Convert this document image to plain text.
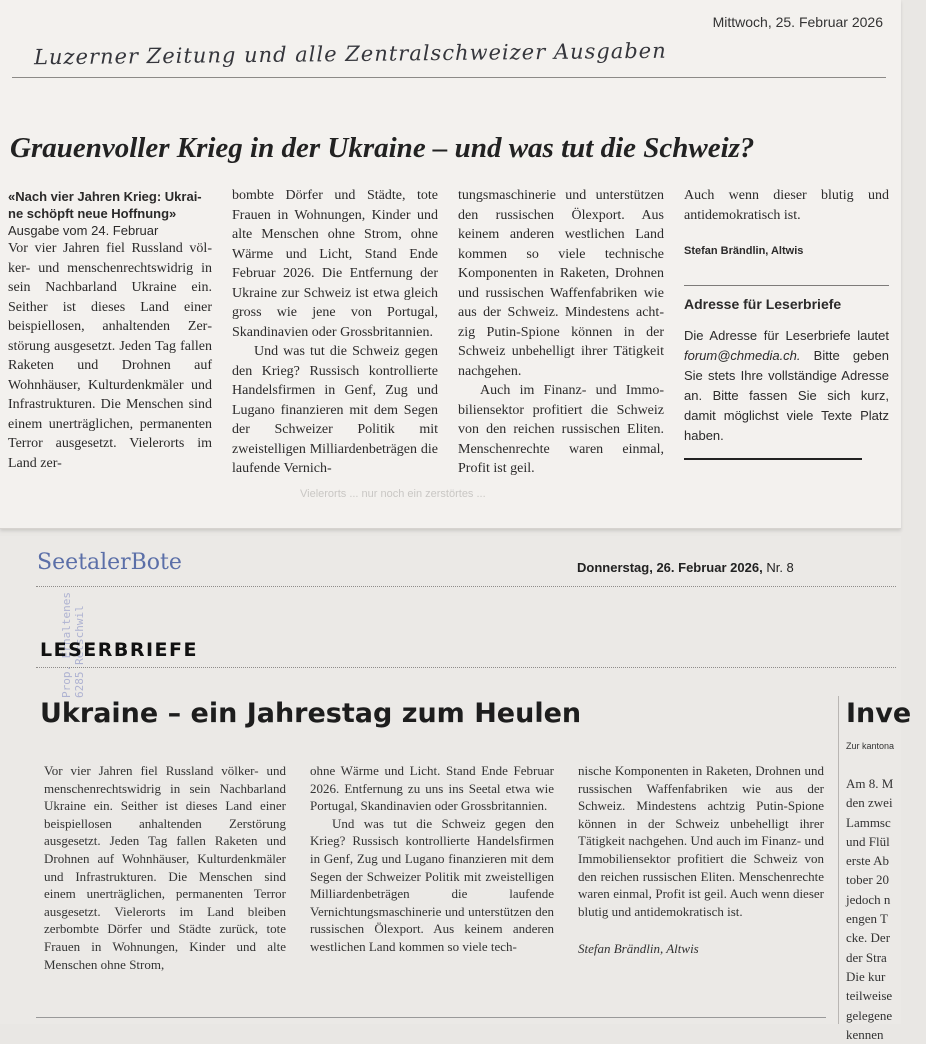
Mittwoch, 25. Februar 2026
Luzerner Zeitung und alle Zentralschweizer Ausgaben
Grauenvoller Krieg in der Ukraine – und was tut die Schweiz?

«Nach vier Jahren Krieg: Ukrai-

ne schöpft neue Hoffnung»

Ausgabe vom 24. Februar

Vor vier Jahren fiel Russland völker- und menschenrechtswidrig in sein Nachbarland Ukraine ein. Seither ist dieses Land einer beispiellosen, anhaltenden Zerstörung ausgesetzt. Jeden Tag fallen Raketen und Drohnen auf Wohnhäuser, Kulturdenkmäler und Infrastrukturen. Die Menschen sind einem unerträglichen, permanenten Terror ausgesetzt. Vielerorts im Land zer-

bombte Dörfer und Städte, tote Frauen in Wohnungen, Kinder und alte Menschen ohne Strom, ohne Wärme und Licht, Stand Ende Februar 2026. Die Entfernung der Ukraine zur Schweiz ist etwa gleich gross wie jene von Portugal, Skandinavien oder Grossbritannien.

Und was tut die Schweiz gegen den Krieg? Russisch kontrollierte Handelsfirmen in Genf, Zug und Lugano finanzieren mit dem Segen der Schweizer Politik mit zweistelligen Milliardenbeträgen die laufende Vernich-

tungsmaschinerie und unterstützen den russischen Ölexport. Aus keinem anderen westlichen Land kommen so viele technische Komponenten in Raketen, Drohnen und russischen Waffenfabriken wie aus der Schweiz. Mindestens achtzig Putin-Spione können in der Schweiz unbehelligt ihrer Tätigkeit nachgehen.

Auch im Finanz- und Immobiliensektor profitiert die Schweiz von den reichen russischen Eliten. Menschenrechte waren einmal, Profit ist geil.

Auch wenn dieser blutig und antidemokratisch ist.

Stefan Brändlin, Altwis
Adresse für Leserbriefe
Die Adresse für Leserbriefe lautet forum@chmedia.ch. Bitte geben Sie stets Ihre vollständige Adresse an. Bitte fassen Sie sich kurz, damit möglichst viele Texte Platz haben.
Vielerorts ... nur noch ein zerstörtes ...
SeetalerBote	Donnerstag, 26. Februar 2026, Nr. 8
Prop. Erhaltenes 6285 Retschwil
LESERBRIEFE
Ukraine – ein Jahrestag zum Heulen

Vor vier Jahren fiel Russland völker- und menschenrechtswidrig in sein Nachbarland Ukraine ein. Seither ist dieses Land einer beispiellosen anhaltenden Zerstörung ausgesetzt. Jeden Tag fallen Raketen und Drohnen auf Wohnhäuser, Kulturdenkmäler und Infrastrukturen. Die Menschen sind einem unerträglichen, permanenten Terror ausgesetzt. Vielerorts im Land bleiben zerbombte Dörfer und Städte zurück, tote Frauen in Wohnungen, Kinder und alte Menschen ohne Strom,

ohne Wärme und Licht. Stand Ende Februar 2026. Entfernung zu uns ins Seetal etwa wie Portugal, Skandinavien oder Grossbritannien.

Und was tut die Schweiz gegen den Krieg? Russisch kontrollierte Handelsfirmen in Genf, Zug und Lugano finanzieren mit dem Segen der Schweizer Politik mit zweistelligen Milliardenbeträgen die laufende Vernichtungsmaschinerie und unterstützen den russischen Ölexport. Aus keinem anderen westlichen Land kommen so viele tech-

nische Komponenten in Raketen, Drohnen und russischen Waffenfabriken wie aus der Schweiz. Mindestens achtzig Putin-Spione können in der Schweiz unbehelligt ihrer Tätigkeit nachgehen. Und auch im Finanz- und Immobiliensektor profitiert die Schweiz von den reichen russischen Eliten. Menschenrechte waren einmal, Profit ist geil. Auch wenn dieser blutig und antidemokratisch ist.

Stefan Brändlin, Altwis

Inve
Zur kantona
Am 8. M
den zwei
Lammsc
und Flül
erste Ab
tober 20
jedoch n
engen T
cke. Der
der Stra
Die kur
teilweise
gelegene
kennen
